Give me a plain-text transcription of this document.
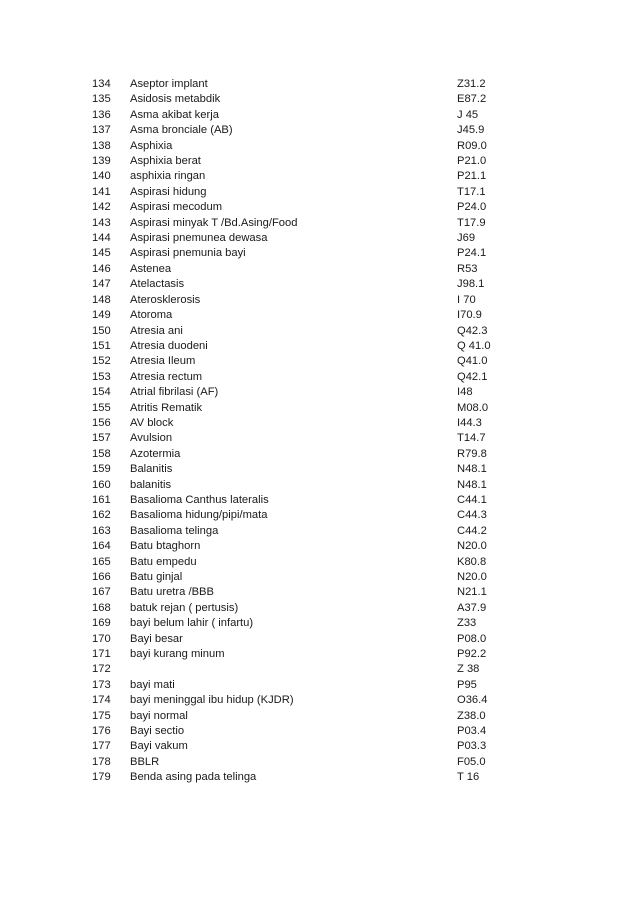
134	Aseptor implant	Z31.2
135	Asidosis metabdik	E87.2
136	Asma akibat kerja	J 45
137	Asma bronciale (AB)	J45.9
138	Asphixia	R09.0
139	Asphixia berat	P21.0
140	asphixia ringan	P21.1
141	Aspirasi hidung	T17.1
142	Aspirasi mecodum	P24.0
143	Aspirasi minyak T /Bd.Asing/Food	T17.9
144	Aspirasi pnemunea dewasa	J69
145	Aspirasi pnemunia bayi	P24.1
146	Astenea	R53
147	Atelactasis	J98.1
148	Aterosklerosis	I 70
149	Atoroma	I70.9
150	Atresia ani	Q42.3
151	Atresia duodeni	Q 41.0
152	Atresia Ileum	Q41.0
153	Atresia rectum	Q42.1
154	Atrial fibrilasi (AF)	I48
155	Atritis Rematik	M08.0
156	AV block	I44.3
157	Avulsion	T14.7
158	Azotermia	R79.8
159	Balanitis	N48.1
160	balanitis	N48.1
161	Basalioma Canthus lateralis	C44.1
162	Basalioma hidung/pipi/mata	C44.3
163	Basalioma telinga	C44.2
164	Batu btaghorn	N20.0
165	Batu empedu	K80.8
166	Batu ginjal	N20.0
167	Batu uretra /BBB	N21.1
168	batuk rejan ( pertusis)	A37.9
169	bayi belum lahir ( infartu)	Z33
170	Bayi besar	P08.0
171	bayi kurang minum	P92.2
172		Z 38
173	bayi mati	P95
174	bayi meninggal ibu hidup (KJDR)	O36.4
175	bayi normal	Z38.0
176	Bayi sectio	P03.4
177	Bayi vakum	P03.3
178	BBLR	F05.0
179	Benda asing pada telinga	T 16
